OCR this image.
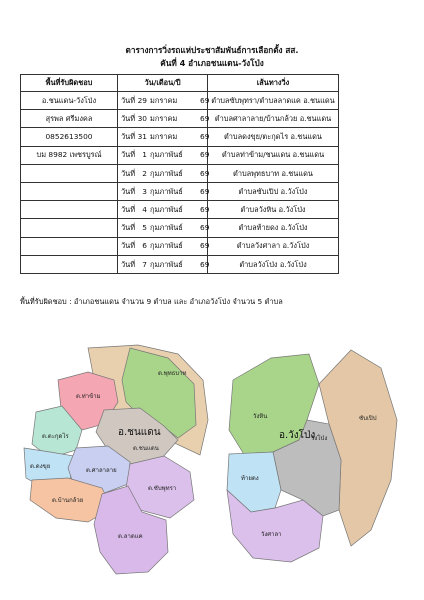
ตารางการวิ่งรถแห่ประชาสัมพันธ์การเลือกตั้ง สส.
คันที่ 4 อำเภอชนแดน-วังโป่ง
พื้นที่รับผิดชอบ	วัน/เดือน/ปี	เส้นทางวิ่ง
อ.ชนแดน-วังโป่ง	วันที่ 29 มกราคม 69	ตำบลซับพุทรา/ตำบลลาดแค อ.ชนแดน
สุรพล ศรีมงคล	วันที่ 30 มกราคม 69	ตำบลศาลาลาย/บ้านกล้วย อ.ชนแดน
0852613500	วันที่ 31 มกราคม 69	ตำบลดงขุย/ตะกุดไร อ.ชนแดน
บม 8982 เพชรบูรณ์	วันที่ 1 กุมภาพันธ์ 69	ตำบลท่าข้าม/ชนแดน อ.ชนแดน
	วันที่ 2 กุมภาพันธ์ 69	ตำบลพุทธบาท อ.ชนแดน
	วันที่ 3 กุมภาพันธ์ 69	ตำบลซับเปิป อ.วังโป่ง
	วันที่ 4 กุมภาพันธ์ 69	ตำบลวังหิน อ.วังโป่ง
	วันที่ 5 กุมภาพันธ์ 69	ตำบลท้ายดง อ.วังโป่ง
	วันที่ 6 กุมภาพันธ์ 69	ตำบลวังศาลา อ.วังโป่ง
	วันที่ 7 กุมภาพันธ์ 69	ตำบลวังโป่ง อ.วังโป่ง
พื้นที่รับผิดชอบ : อำเภอชนแดน จำนวน 9 ตำบล และ อำเภอวังโป่ง จำนวน 5 ตำบล
ต.พุทธบาท
ต.ท่าข้าม
ต.ตะกุดไร	อ.ชนแดน
ต.ชนแดน
ต.ดงขุย
ต.ศาลาลาย
ต.บ้านกล้วย
ต.ซับพุทรา
ต.ลาดแค
วังหิน
อ.วังโป่ง
วังโป่ง
ซับเปิป
ท้ายดง
วังศาลา
